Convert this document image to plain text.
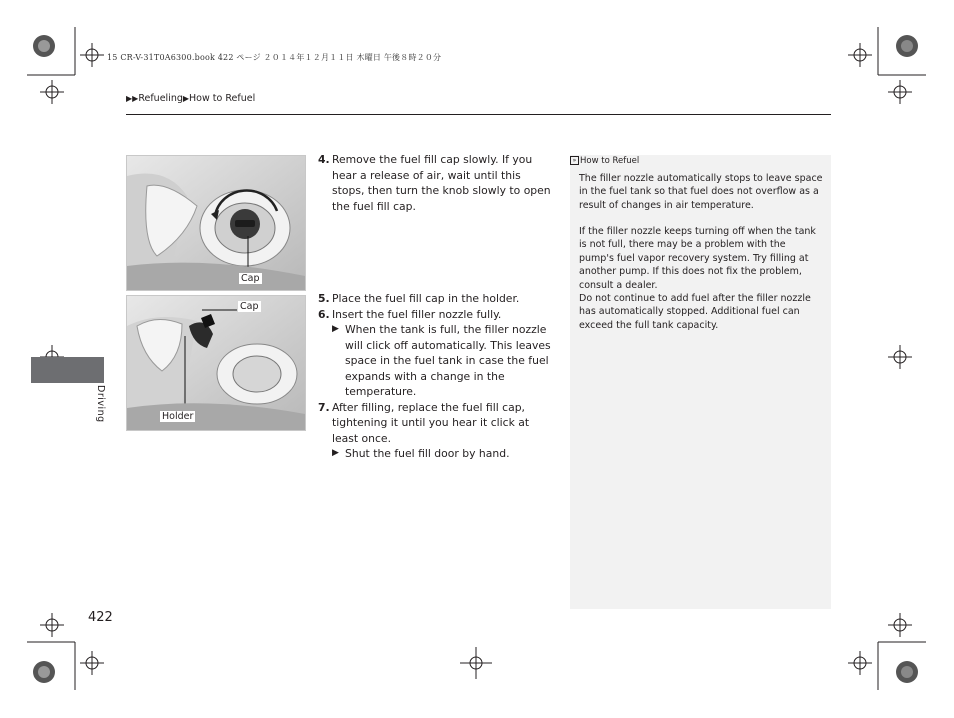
15 CR-V-31T0A6300.book 422 ページ ２０１４年１２月１１日 木曜日 午後８時２０分
▶▶Refueling▶How to Refuel
Driving
Cap
Cap
Holder
4. Remove the fuel fill cap slowly. If you hear a release of air, wait until this stops, then turn the knob slowly to open the fuel fill cap.
5. Place the fuel fill cap in the holder.
6. Insert the fuel filler nozzle fully.
▶ When the tank is full, the filler nozzle will click off automatically. This leaves space in the fuel tank in case the fuel expands with a change in the temperature.
7. After filling, replace the fuel fill cap, tightening it until you hear it click at least once.
▶ Shut the fuel fill door by hand.
» How to Refuel
The filler nozzle automatically stops to leave space in the fuel tank so that fuel does not overflow as a result of changes in air temperature.
If the filler nozzle keeps turning off when the tank is not full, there may be a problem with the pump's fuel vapor recovery system. Try filling at another pump. If this does not fix the problem, consult a dealer.
Do not continue to add fuel after the filler nozzle has automatically stopped. Additional fuel can exceed the full tank capacity.
422
